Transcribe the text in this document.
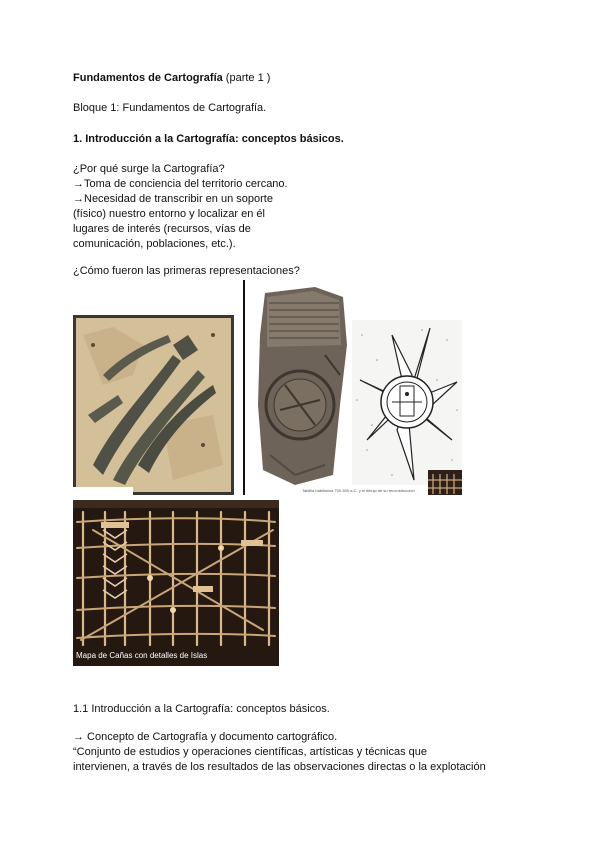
Fundamentos de Cartografía (parte 1 )
Bloque 1: Fundamentos de Cartografía.
1. Introducción a la Cartografía: conceptos básicos.
¿Por qué surge la Cartografía?
→Toma de conciencia del territorio cercano.
→Necesidad de transcribir en un soporte
(físico) nuestro entorno y localizar en él
lugares de interés (recursos, vías de
comunicación, poblaciones, etc.).
¿Cómo fueron las primeras representaciones?
Tablilla babilónica 700-500 a.C. y el dibujo de su reconstrucción
Mapa de Cañas con detalles de Islas
1.1 Introducción a la Cartografía: conceptos básicos.
→ Concepto de Cartografía y documento cartográfico.
“Conjunto de estudios y operaciones científicas, artísticas y técnicas que
intervienen, a través de los resultados de las observaciones directas o la explotación
